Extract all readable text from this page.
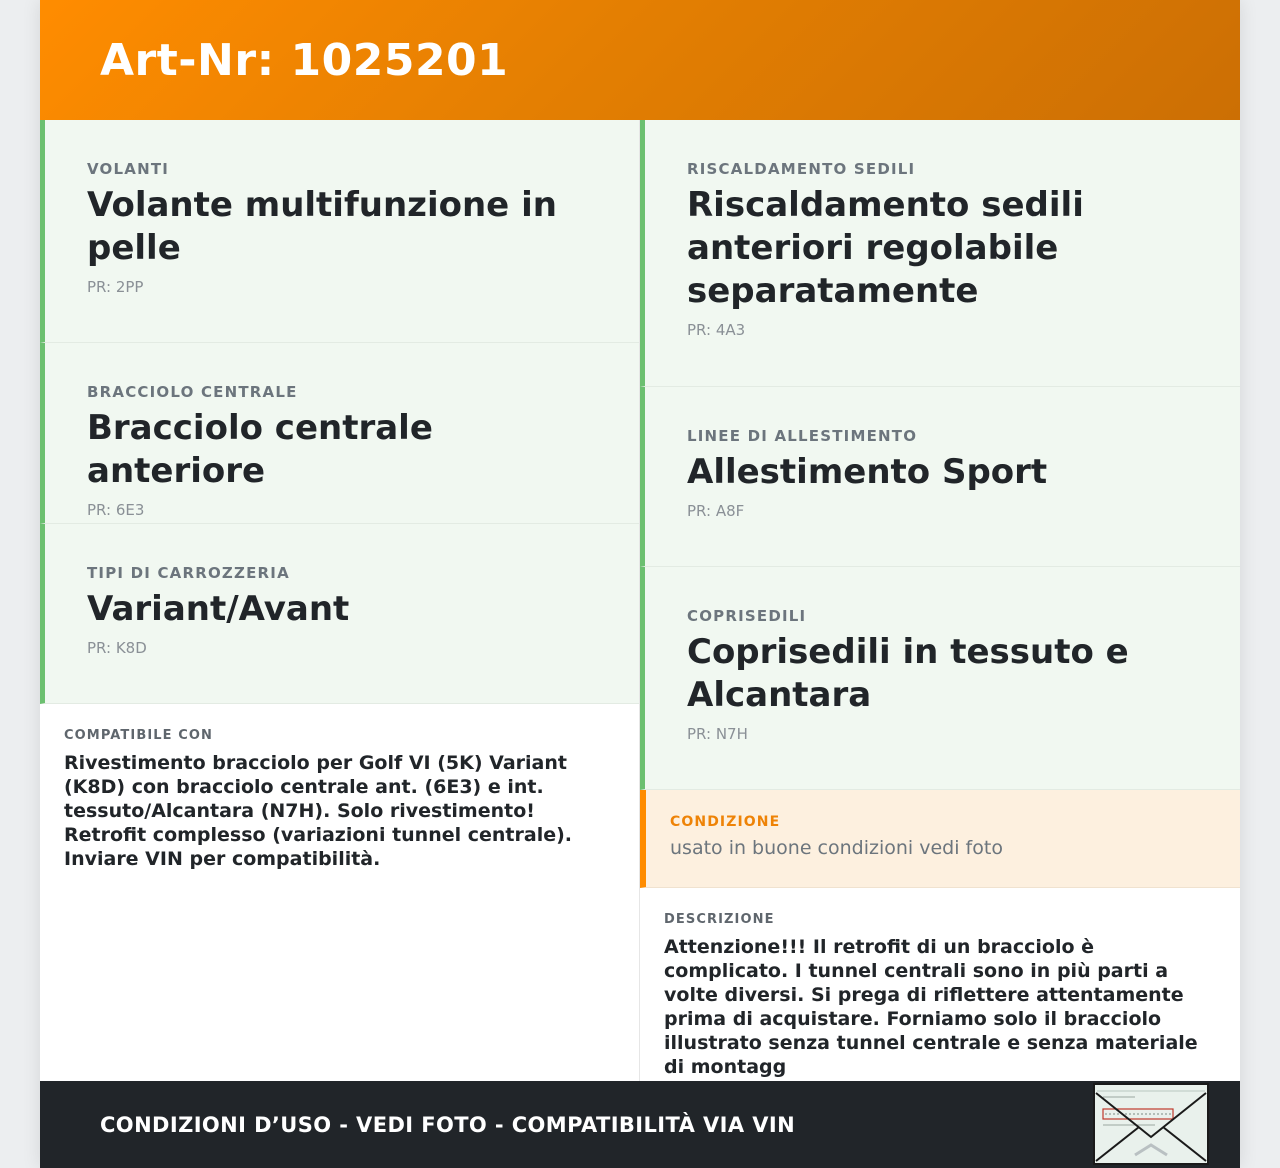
Art-Nr: 1025201
VOLANTI
Volante multifunzione in pelle
PR: 2PP
BRACCIOLO CENTRALE
Bracciolo centrale anteriore
PR: 6E3
TIPI DI CARROZZERIA
Variant/Avant
PR: K8D
COMPATIBILE CON
Rivestimento bracciolo per Golf VI (5K) Variant (K8D) con bracciolo centrale ant. (6E3) e int. tessuto/Alcantara (N7H). Solo rivestimento! Retrofit complesso (variazioni tunnel centrale). Inviare VIN per compatibilità.
RISCALDAMENTO SEDILI
Riscaldamento sedili anteriori regolabile separatamente
PR: 4A3
LINEE DI ALLESTIMENTO
Allestimento Sport
PR: A8F
COPRISEDILI
Coprisedili in tessuto e Alcantara
PR: N7H
CONDIZIONE
usato in buone condizioni vedi foto
DESCRIZIONE
Attenzione!!! Il retrofit di un bracciolo è complicato. I tunnel centrali sono in più parti a volte diversi. Si prega di riflettere attentamente prima di acquistare. Forniamo solo il bracciolo illustrato senza tunnel centrale e senza materiale di montagg
CONDIZIONI D’USO - VEDI FOTO - COMPATIBILITÀ VIA VIN
